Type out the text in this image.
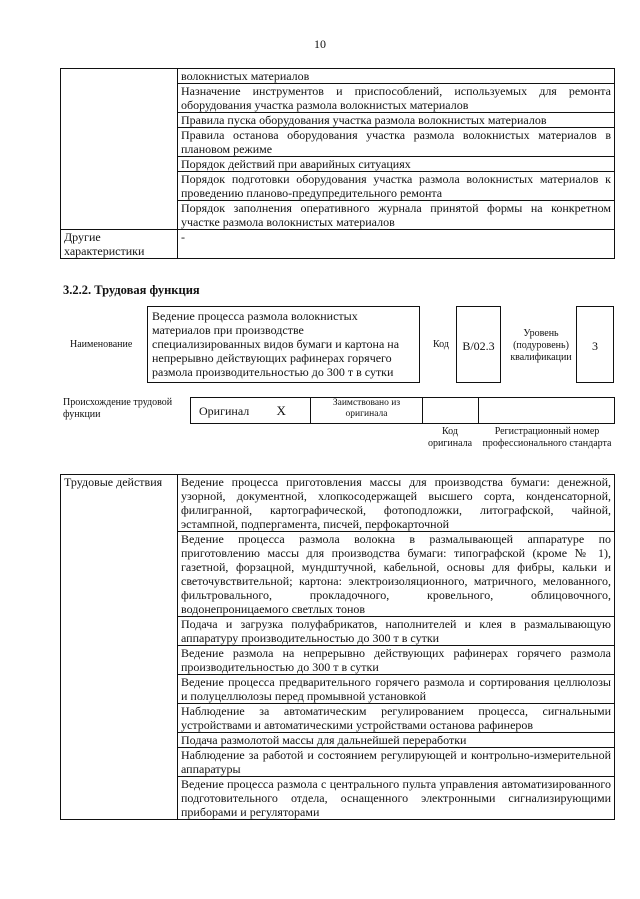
10
	волокнистых материалов
	Назначение инструментов и приспособлений, используемых для ремонта оборудования участка размола волокнистых материалов
	Правила пуска оборудования участка размола волокнистых материалов
	Правила останова оборудования участка размола волокнистых материалов в плановом режиме
	Порядок действий при аварийных ситуациях
	Порядок подготовки оборудования участка размола волокнистых материалов к проведению планово-предупредительного ремонта
	Порядок заполнения оперативного журнала принятой формы на конкретном участке размола волокнистых материалов
Другие характеристики	-
3.2.2. Трудовая функция
Наименование
Ведение процесса размола волокнистых материалов при производстве специализированных видов бумаги и картона на непрерывно действующих рафинерах горячего размола производительностью до 300 т в сутки
Код	B/02.3
Уровень (подуровень) квалификации
3
Происхождение трудовой функции	Оригинал	X	Заимствовано из оригинала		
Код оригинала
Регистрационный номер профессионального стандарта
Трудовые действия	Ведение процесса приготовления массы для производства бумаги: денежной, узорной, документной, хлопкосодержащей высшего сорта, конденсаторной, филигранной, картографической, фотоподложки, литографской, чайной, эстампной, подпергамента, писчей, перфокарточной
Ведение процесса размола волокна в размалывающей аппаратуре по приготовлению массы для производства бумаги: типографской (кроме № 1), газетной, форзацной, мундштучной, кабельной, основы для фибры, кальки и светочувствительной; картона: электроизоляционного, матричного, мелованного, фильтровального, прокладочного, кровельного, облицовочного, водонепроницаемого светлых тонов
Подача и загрузка полуфабрикатов, наполнителей и клея в размалывающую аппаратуру производительностью до 300 т в сутки
Ведение размола на непрерывно действующих рафинерах горячего размола производительностью до 300 т в сутки
Ведение процесса предварительного горячего размола и сортирования целлюлозы и полуцеллюлозы перед промывной установкой
Наблюдение за автоматическим регулированием процесса, сигнальными устройствами и автоматическими устройствами останова рафинеров
Подача размолотой массы для дальнейшей переработки
Наблюдение за работой и состоянием регулирующей и контрольно-измерительной аппаратуры
Ведение процесса размола с центрального пульта управления автоматизированного подготовительного отдела, оснащенного электронными сигнализирующими приборами и регуляторами
